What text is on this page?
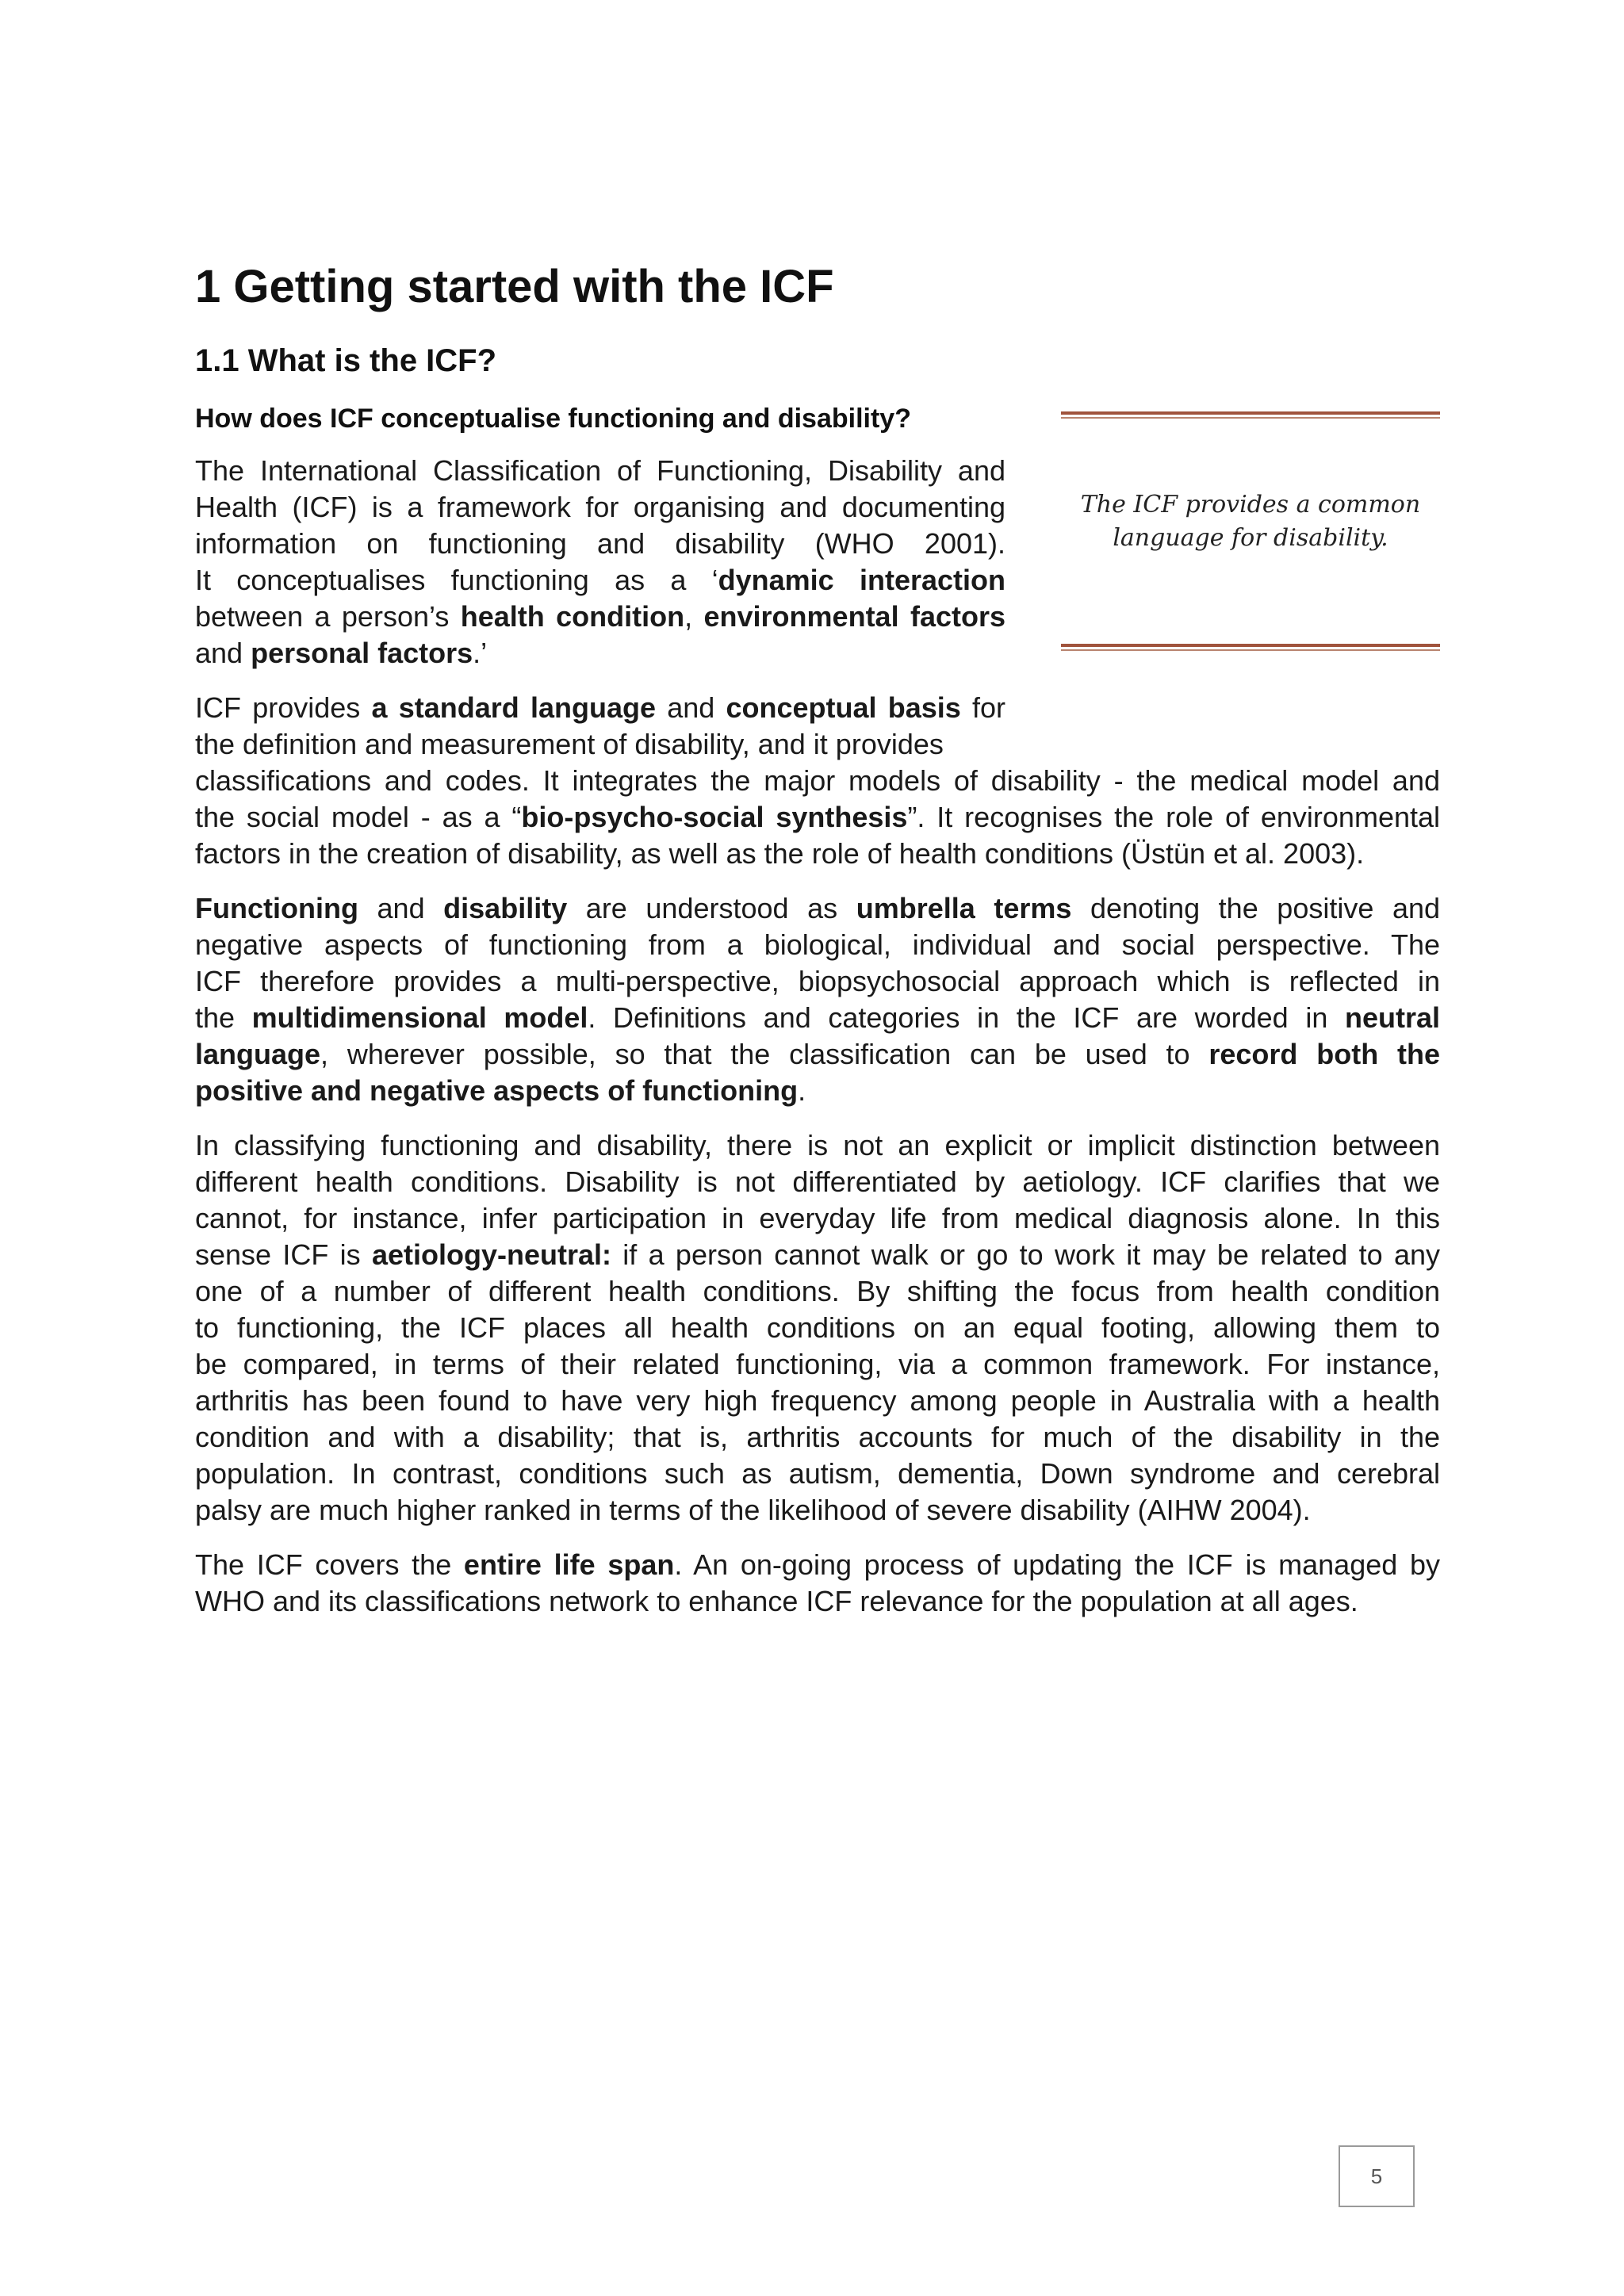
1 Getting started with the ICF
1.1 What is the ICF?
How does ICF conceptualise functioning and disability?
The ICF provides a common
language for disability.
The International Classification of Functioning, Disability and
Health (ICF) is a framework for organising and documenting
information on functioning and disability (WHO 2001).
It conceptualises functioning as a ‘dynamic interaction
between a person’s health condition, environmental factors
and personal factors.’
ICF provides a standard language and conceptual basis for
the definition and measurement of disability, and it provides
classifications and codes. It integrates the major models of disability - the medical model and
the social model - as a “bio-psycho-social synthesis”. It recognises the role of environmental
factors in the creation of disability, as well as the role of health conditions (Üstün et al. 2003).
Functioning and disability are understood as umbrella terms denoting the positive and
negative aspects of functioning from a biological, individual and social perspective. The
ICF therefore provides a multi-perspective, biopsychosocial approach which is reflected in
the multidimensional model. Definitions and categories in the ICF are worded in neutral
language, wherever possible, so that the classification can be used to record both the
positive and negative aspects of functioning.
In classifying functioning and disability, there is not an explicit or implicit distinction between
different health conditions. Disability is not differentiated by aetiology. ICF clarifies that we
cannot, for instance, infer participation in everyday life from medical diagnosis alone. In this
sense ICF is aetiology-neutral: if a person cannot walk or go to work it may be related to any
one of a number of different health conditions. By shifting the focus from health condition
to functioning, the ICF places all health conditions on an equal footing, allowing them to
be compared, in terms of their related functioning, via a common framework. For instance,
arthritis has been found to have very high frequency among people in Australia with a health
condition and with a disability; that is, arthritis accounts for much of the disability in the
population. In contrast, conditions such as autism, dementia, Down syndrome and cerebral
palsy are much higher ranked in terms of the likelihood of severe disability (AIHW 2004).
The ICF covers the entire life span. An on-going process of updating the ICF is managed by
WHO and its classifications network to enhance ICF relevance for the population at all ages.
5
